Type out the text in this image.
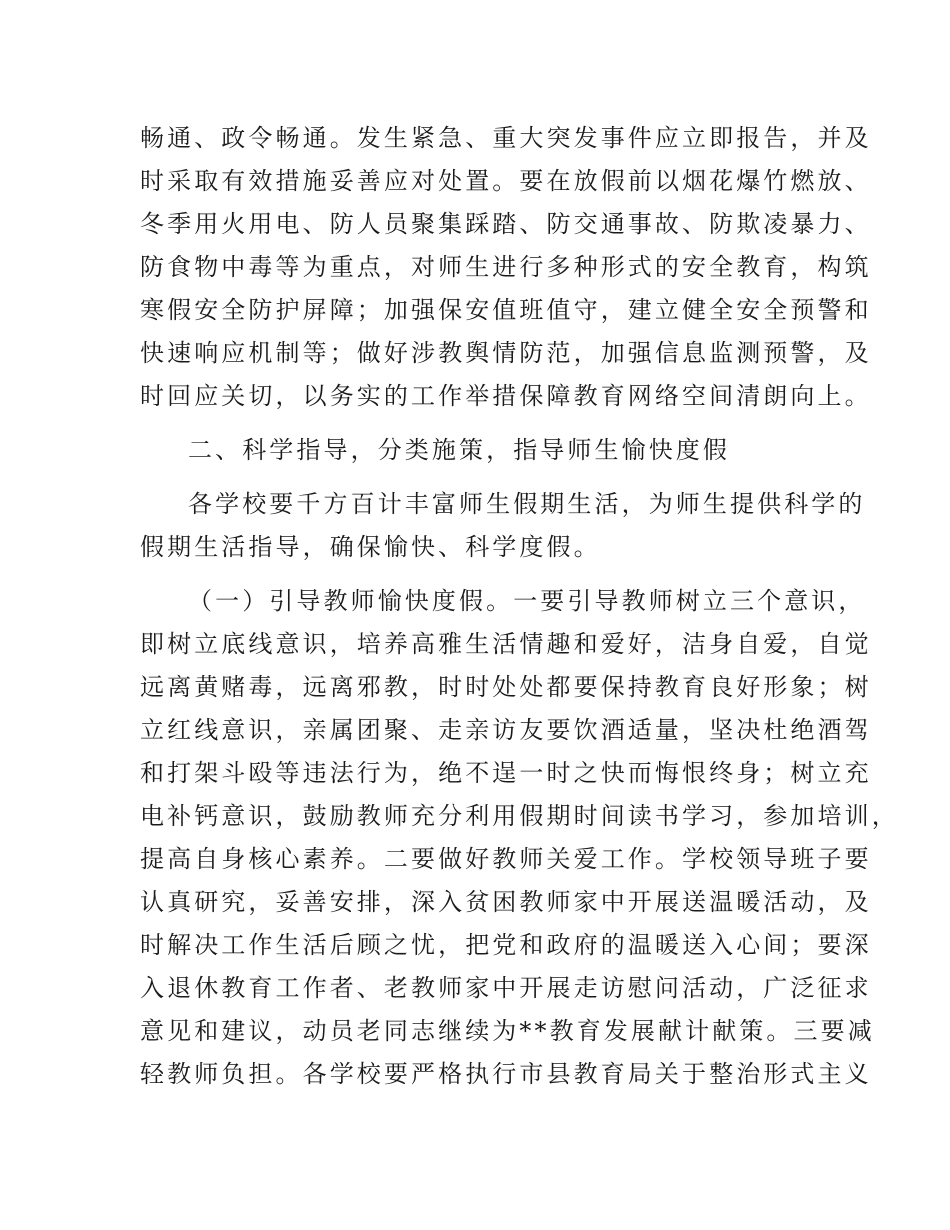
畅通、政令畅通。发生紧急、重大突发事件应立即报告，并及
时采取有效措施妥善应对处置。要在放假前以烟花爆竹燃放、
冬季用火用电、防人员聚集踩踏、防交通事故、防欺凌暴力、
防食物中毒等为重点，对师生进行多种形式的安全教育，构筑
寒假安全防护屏障；加强保安值班值守，建立健全安全预警和
快速响应机制等；做好涉教舆情防范，加强信息监测预警，及
时回应关切，以务实的工作举措保障教育网络空间清朗向上。
二、科学指导，分类施策，指导师生愉快度假
各学校要千方百计丰富师生假期生活，为师生提供科学的
假期生活指导，确保愉快、科学度假。
（一）引导教师愉快度假。一要引导教师树立三个意识，
即树立底线意识，培养高雅生活情趣和爱好，洁身自爱，自觉
远离黄赌毒，远离邪教，时时处处都要保持教育良好形象；树
立红线意识，亲属团聚、走亲访友要饮酒适量，坚决杜绝酒驾
和打架斗殴等违法行为，绝不逞一时之快而悔恨终身；树立充
电补钙意识，鼓励教师充分利用假期时间读书学习，参加培训，
提高自身核心素养。二要做好教师关爱工作。学校领导班子要
认真研究，妥善安排，深入贫困教师家中开展送温暖活动，及
时解决工作生活后顾之忧，把党和政府的温暖送入心间；要深
入退休教育工作者、老教师家中开展走访慰问活动，广泛征求
意见和建议，动员老同志继续为**教育发展献计献策。三要减
轻教师负担。各学校要严格执行市县教育局关于整治形式主义
